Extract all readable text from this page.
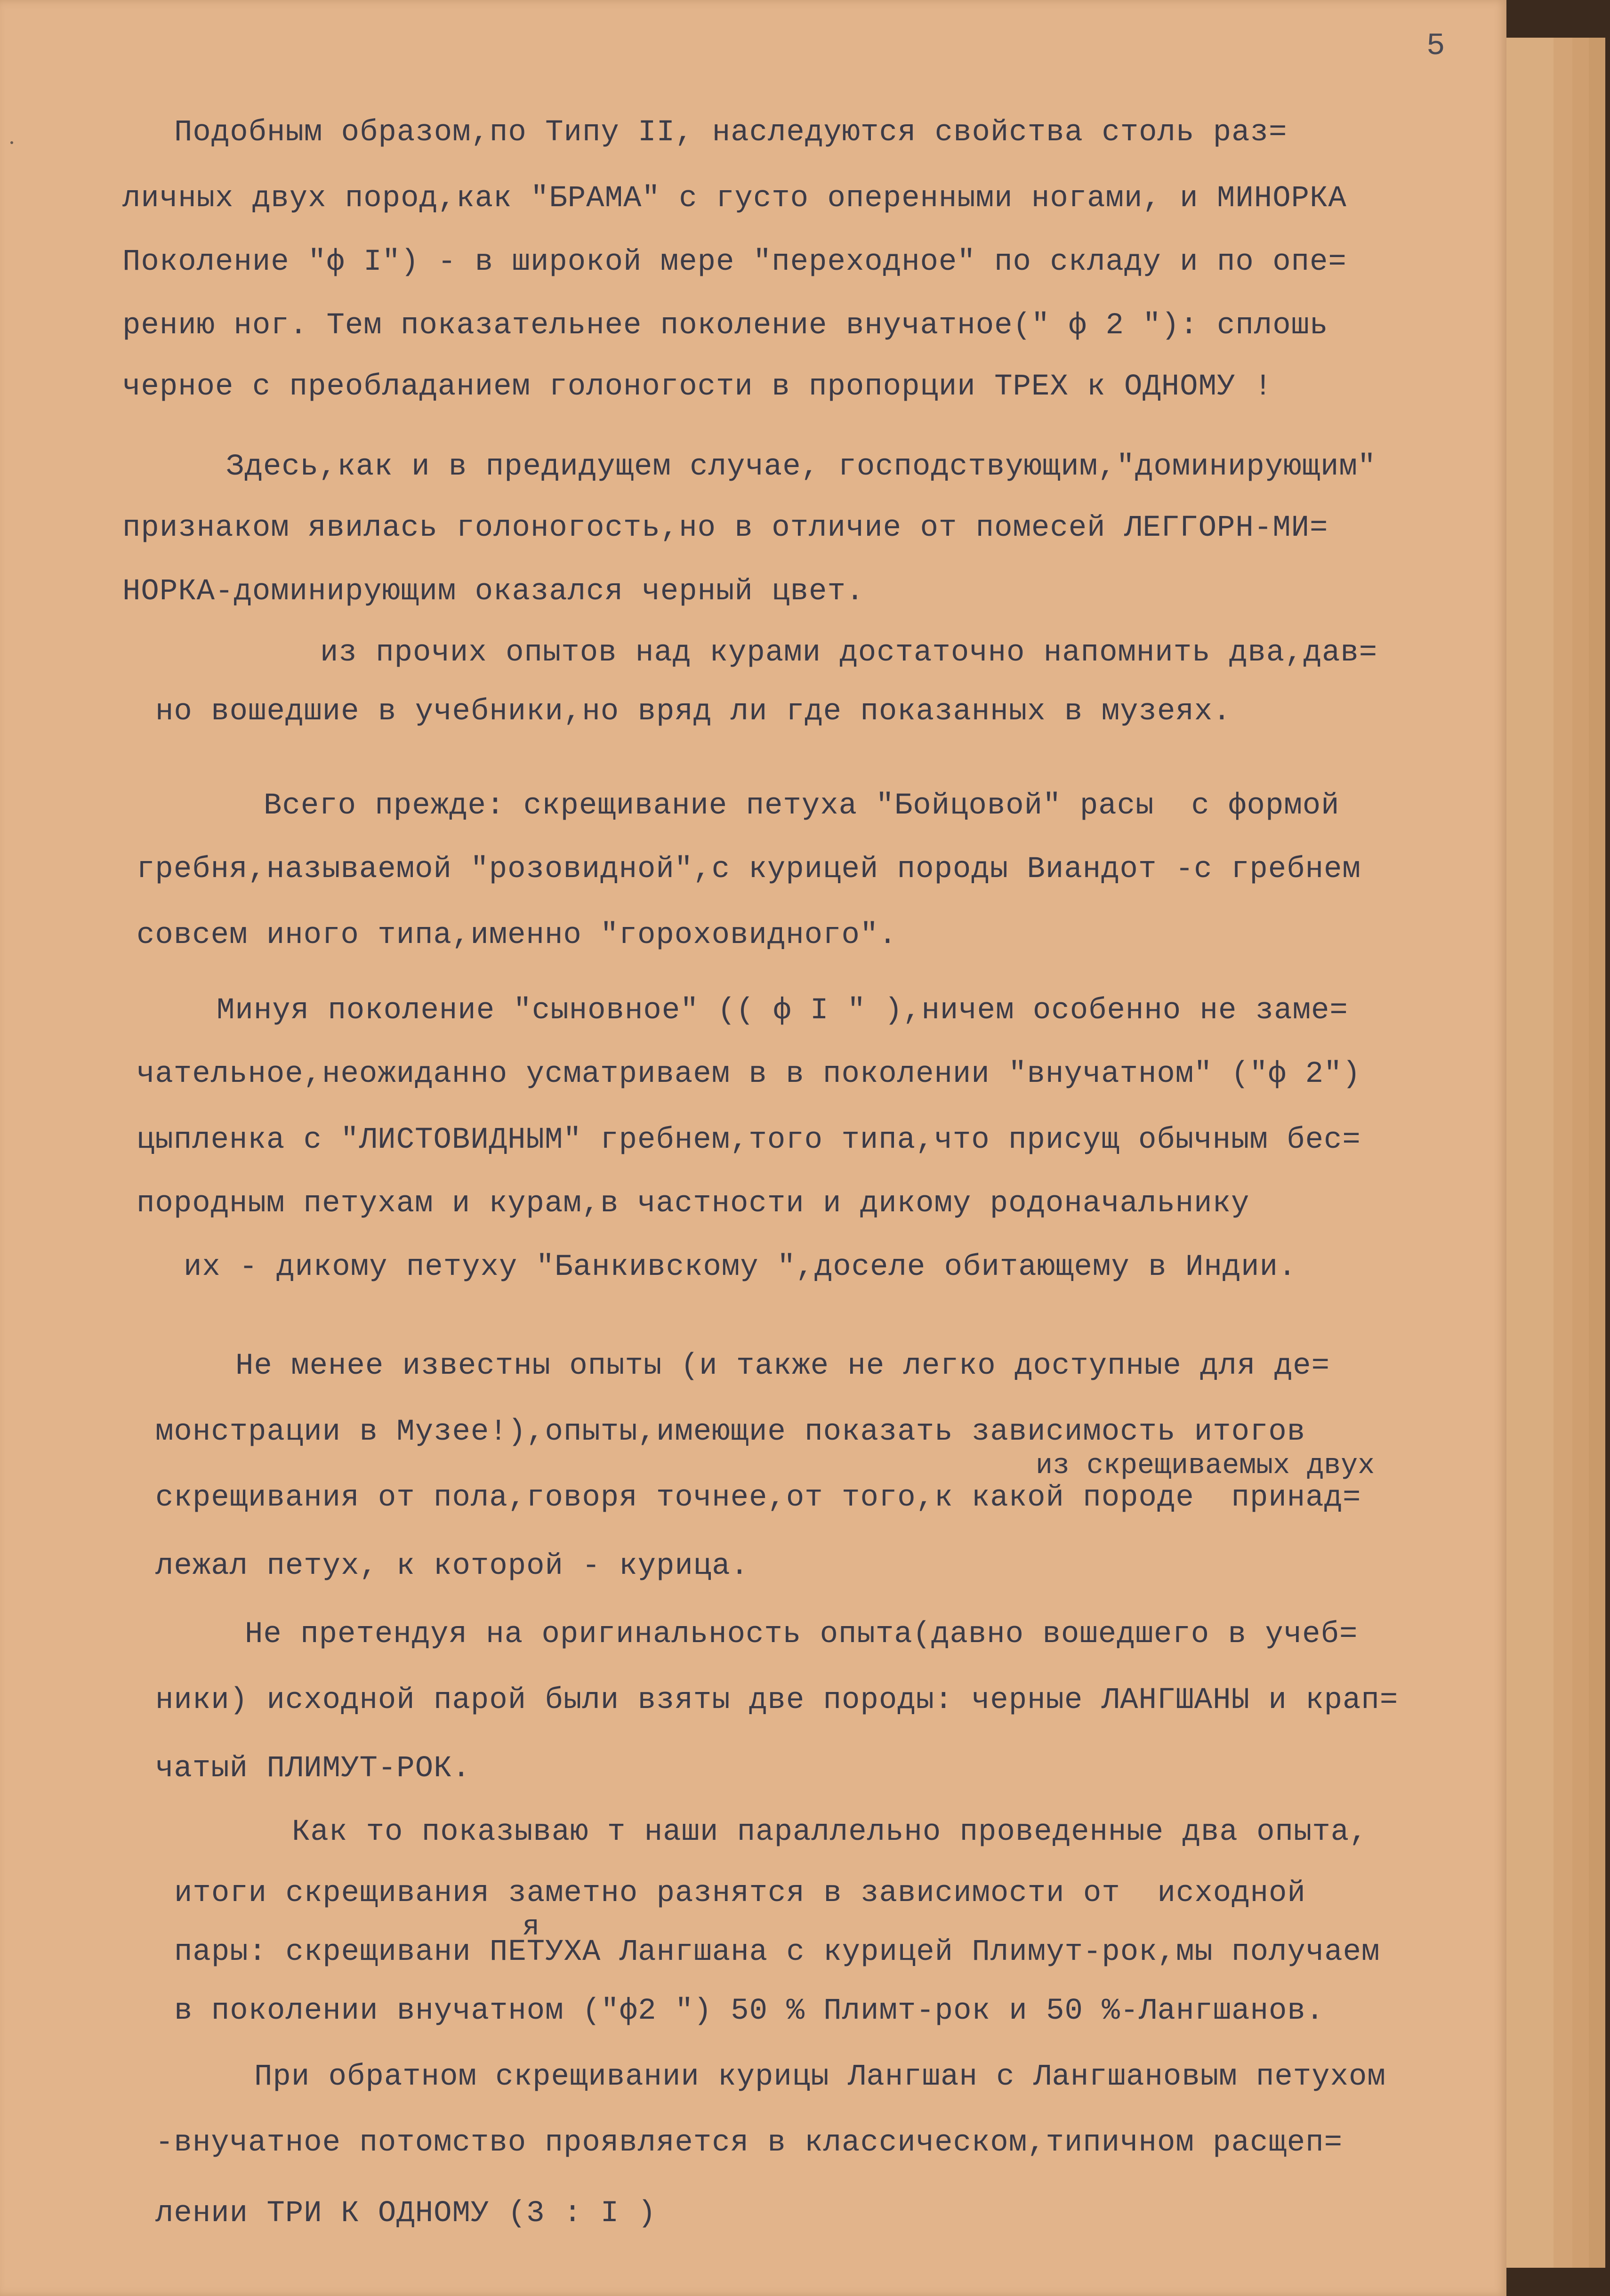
5
Подобным образом,по Типу II, наследуются свойства столь раз=
личных двух пород,как "БРАМА" с густо оперенными ногами, и МИНОРКА
Поколение "ф I") - в широкой мере "переходное" по складу и по опе=
рению ног. Тем показательнее поколение внучатное(" ф 2 "): сплошь
черное с преобладанием голоногости в пропорции ТРЕХ к ОДНОМУ !
Здесь,как и в предидущем случае, господствующим,"доминирующим"
признаком явилась голоногость,но в отличие от помесей ЛЕГГОРН-МИ=
НОРКА-доминирующим оказался черный цвет.
из прочих опытов над курами достаточно напомнить два,дав=
но вошедшие в учебники,но вряд ли где показанных в музеях.
Всего прежде: скрещивание петуха "Бойцовой" расы  с формой
гребня,называемой "розовидной",с курицей породы Виандот -с гребнем
совсем иного типа,именно "гороховидного".
Минуя поколение "сыновное" (( ф I " ),ничем особенно не заме=
чательное,неожиданно усматриваем в в поколении "внучатном" ("ф 2")
цыпленка с "ЛИСТОВИДНЫМ" гребнем,того типа,что присущ обычным бес=
породным петухам и курам,в частности и дикому родоначальнику
их - дикому петуху "Банкивскому ",доселе обитающему в Индии.
Не менее известны опыты (и также не легко доступные для де=
монстрации в Музее!),опыты,имеющие показать зависимость итогов
из скрещиваемых двух
скрещивания от пола,говоря точнее,от того,к какой породе  принад=
лежал петух, к которой - курица.
Не претендуя на оригинальность опыта(давно вошедшего в учеб=
ники) исходной парой были взяты две породы: черные ЛАНГШАНЫ и крап=
чатый ПЛИМУТ-РОК.
Как то показываю т наши параллельно проведенные два опыта,
итоги скрещивания заметно разнятся в зависимости от  исходной
я
пары: скрещивани ПЕТУХА Лангшана с курицей Плимут-рок,мы получаем
в поколении внучатном ("ф2 ") 50 % Плимт-рок и 50 %-Лангшанов.
При обратном скрещивании курицы Лангшан с Лангшановым петухом
-внучатное потомство проявляется в классическом,типичном расщеп=
лении ТРИ К ОДНОМУ (3 : I )
